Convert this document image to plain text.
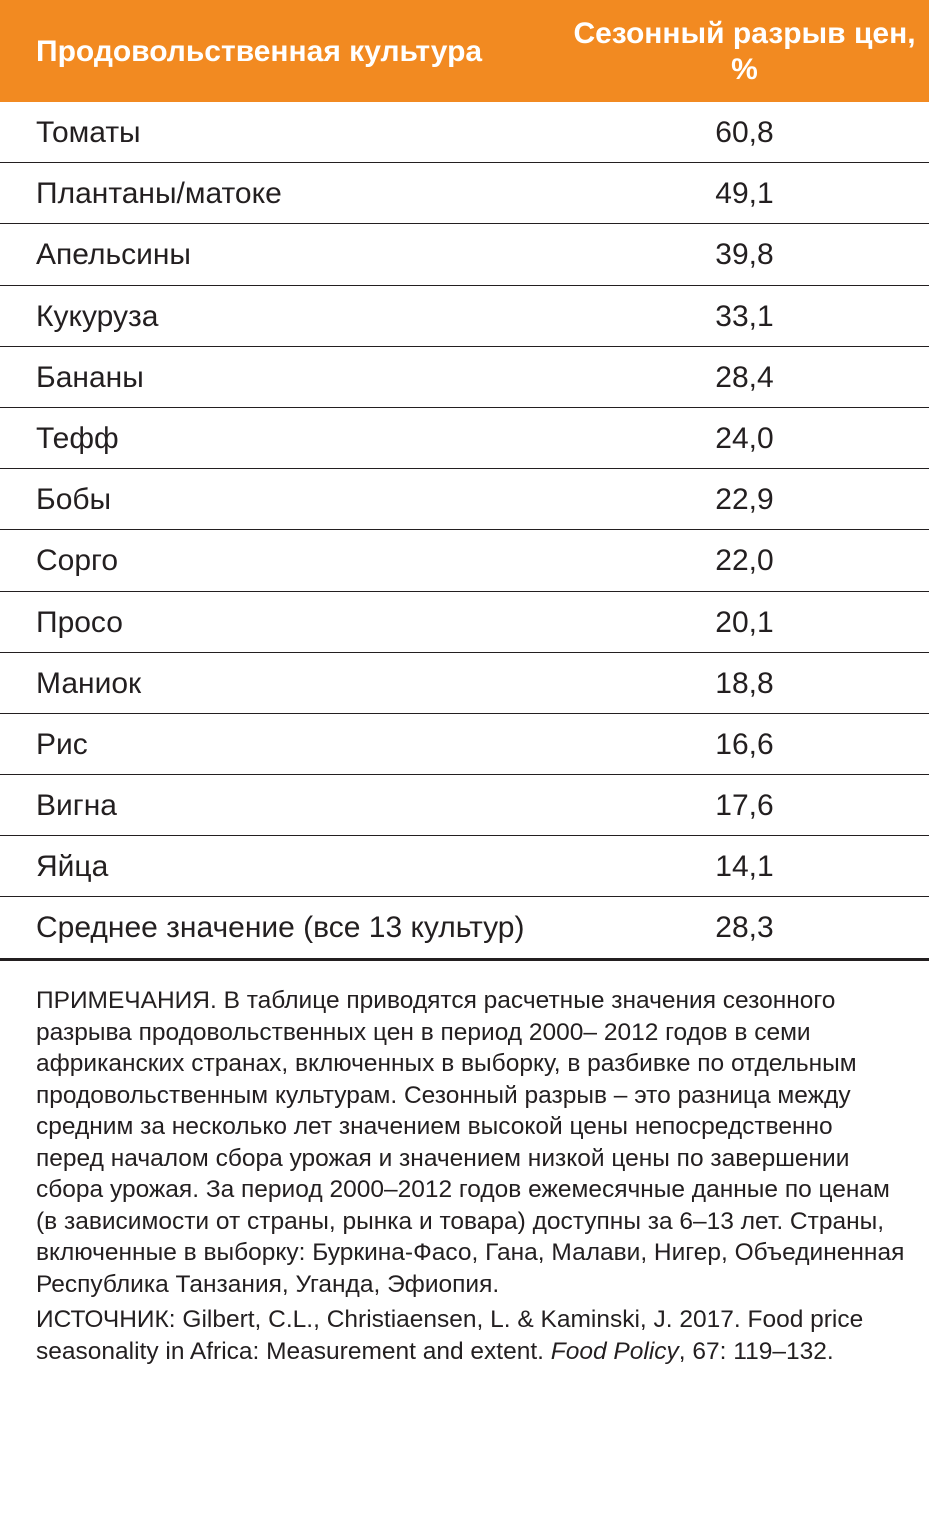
Продовольственная культура
Сезонный разрыв цен, %
Томаты	60,8
Плантаны/матоке	49,1
Апельсины	39,8
Кукуруза	33,1
Бананы	28,4
Тефф	24,0
Бобы	22,9
Сорго	22,0
Просо	20,1
Маниок	18,8
Рис	16,6
Вигна	17,6
Яйца	14,1
Среднее значение (все 13 культур)	28,3

ПРИМЕЧАНИЯ. В таблице приводятся расчетные значения сезонного разрыва продовольственных цен в период 2000– 2012 годов в семи африканских странах, включенных в выборку, в разбивке по отдельным продовольственным культурам. Сезонный разрыв – это разница между средним за несколько лет значением высокой цены непосредственно перед началом сбора урожая и значением низкой цены по завершении сбора урожая. За период 2000–2012 годов ежемесячные данные по ценам (в зависимости от страны, рынка и товара) доступны за 6–13 лет. Страны, включенные в выборку: Буркина-Фасо, Гана, Малави, Нигер, Объединенная Республика Танзания, Уганда, Эфиопия.

ИСТОЧНИК: Gilbert, C.L., Christiaensen, L. & Kaminski, J. 2017. Food price seasonality in Africa: Measurement and extent. Food Policy, 67: 119–132.
